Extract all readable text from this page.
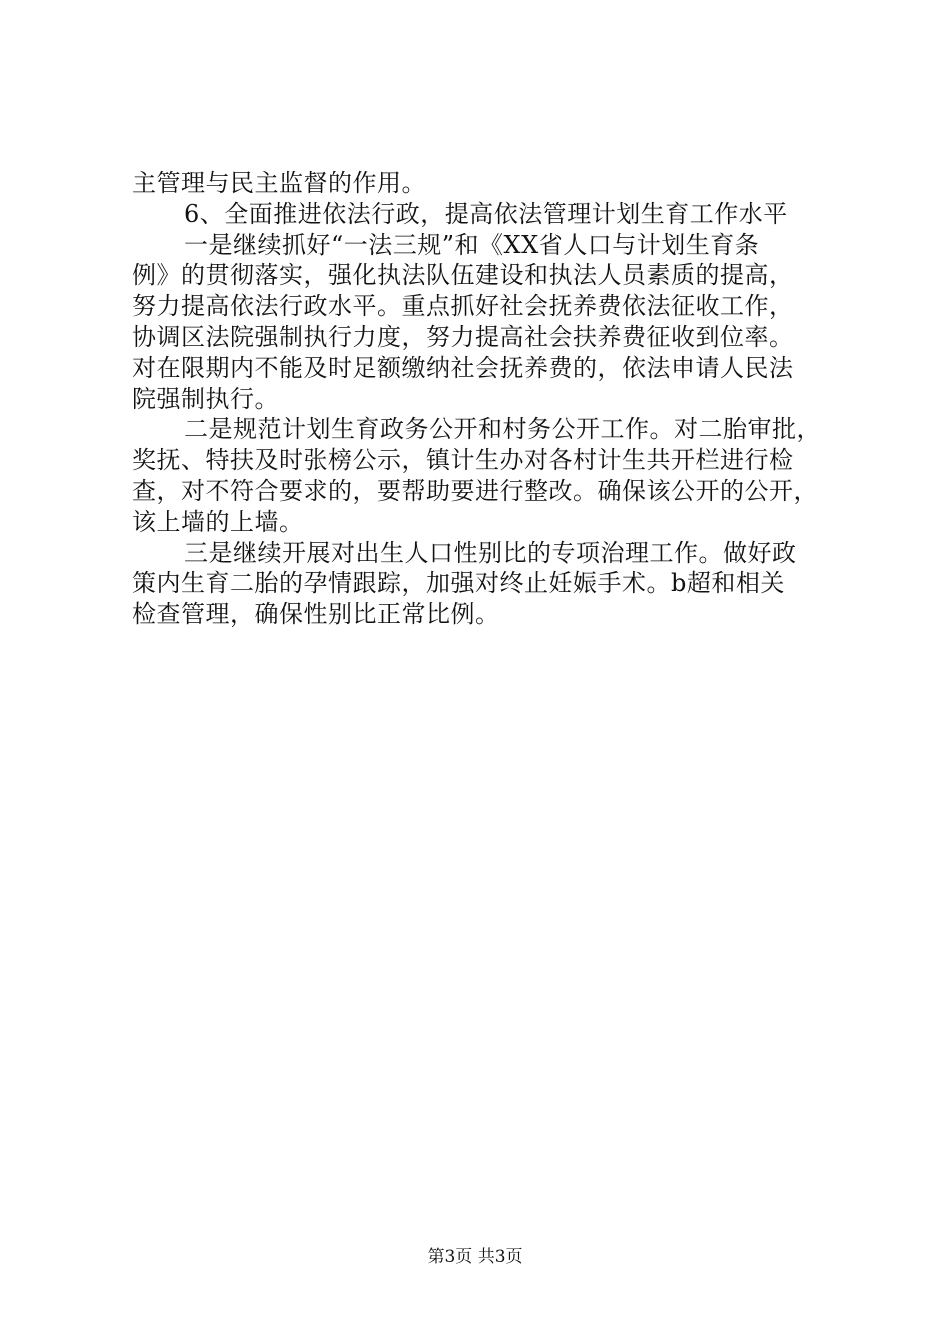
主管理与民主监督的作用。
6、全面推进依法行政，提高依法管理计划生育工作水平
一是继续抓好“一法三规”和《XX省人口与计划生育条
例》的贯彻落实，强化执法队伍建设和执法人员素质的提高，
努力提高依法行政水平。重点抓好社会抚养费依法征收工作，
协调区法院强制执行力度，努力提高社会扶养费征收到位率。
对在限期内不能及时足额缴纳社会抚养费的，依法申请人民法
院强制执行。
二是规范计划生育政务公开和村务公开工作。对二胎审批，
奖抚、特扶及时张榜公示，镇计生办对各村计生共开栏进行检
查，对不符合要求的，要帮助要进行整改。确保该公开的公开，
该上墙的上墙。
三是继续开展对出生人口性别比的专项治理工作。做好政
策内生育二胎的孕情跟踪，加强对终止妊娠手术。b超和相关
检查管理，确保性别比正常比例。
第3页 共3页
